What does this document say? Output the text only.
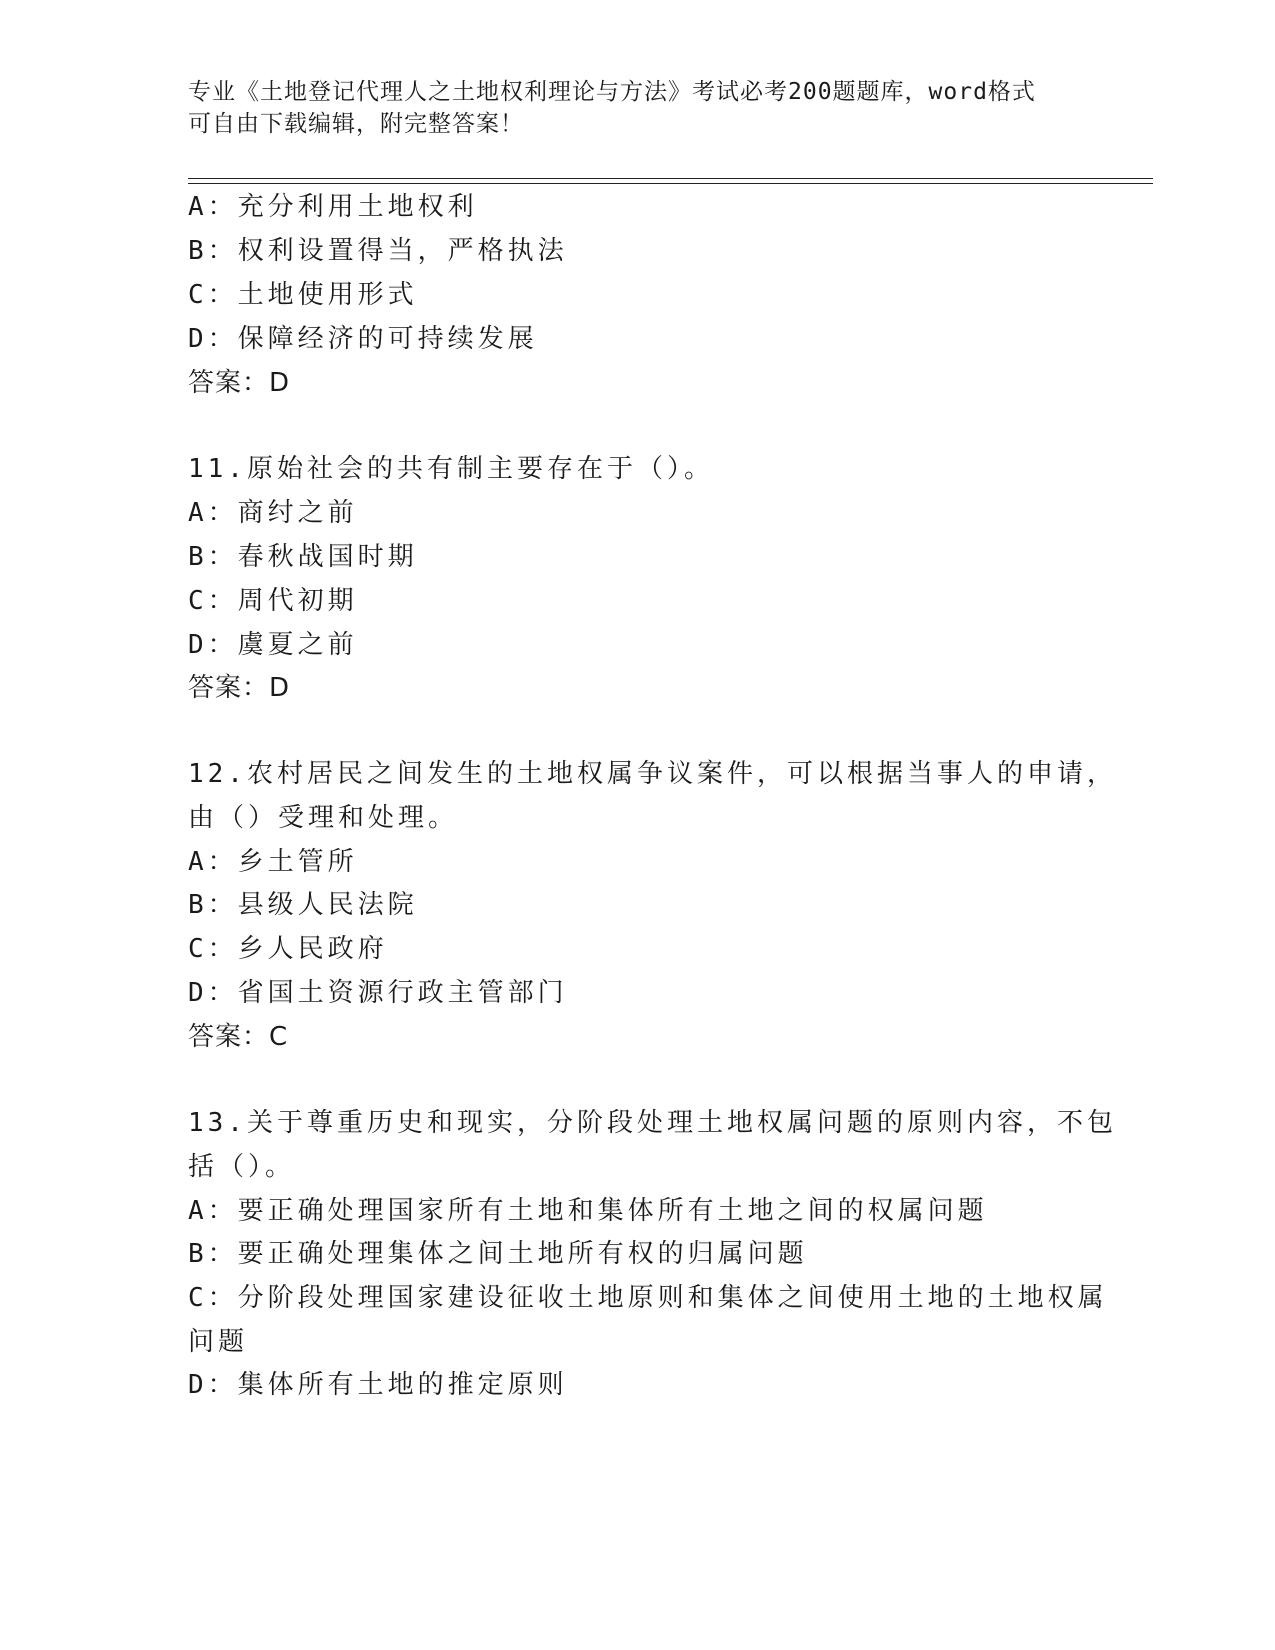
专业《土地登记代理人之土地权利理论与方法》考试必考200题题库，word格式
可自由下载编辑，附完整答案！
A：充分利用土地权利
B：权利设置得当，严格执法
C：土地使用形式
D：保障经济的可持续发展
答案：D
11.原始社会的共有制主要存在于（）。
A：商纣之前
B：春秋战国时期
C：周代初期
D：虞夏之前
答案：D
12.农村居民之间发生的土地权属争议案件，可以根据当事人的申请，
由（）受理和处理。
A：乡土管所
B：县级人民法院
C：乡人民政府
D：省国土资源行政主管部门
答案：C
13.关于尊重历史和现实，分阶段处理土地权属问题的原则内容，不包
括（）。
A：要正确处理国家所有土地和集体所有土地之间的权属问题
B：要正确处理集体之间土地所有权的归属问题
C：分阶段处理国家建设征收土地原则和集体之间使用土地的土地权属
问题
D：集体所有土地的推定原则
